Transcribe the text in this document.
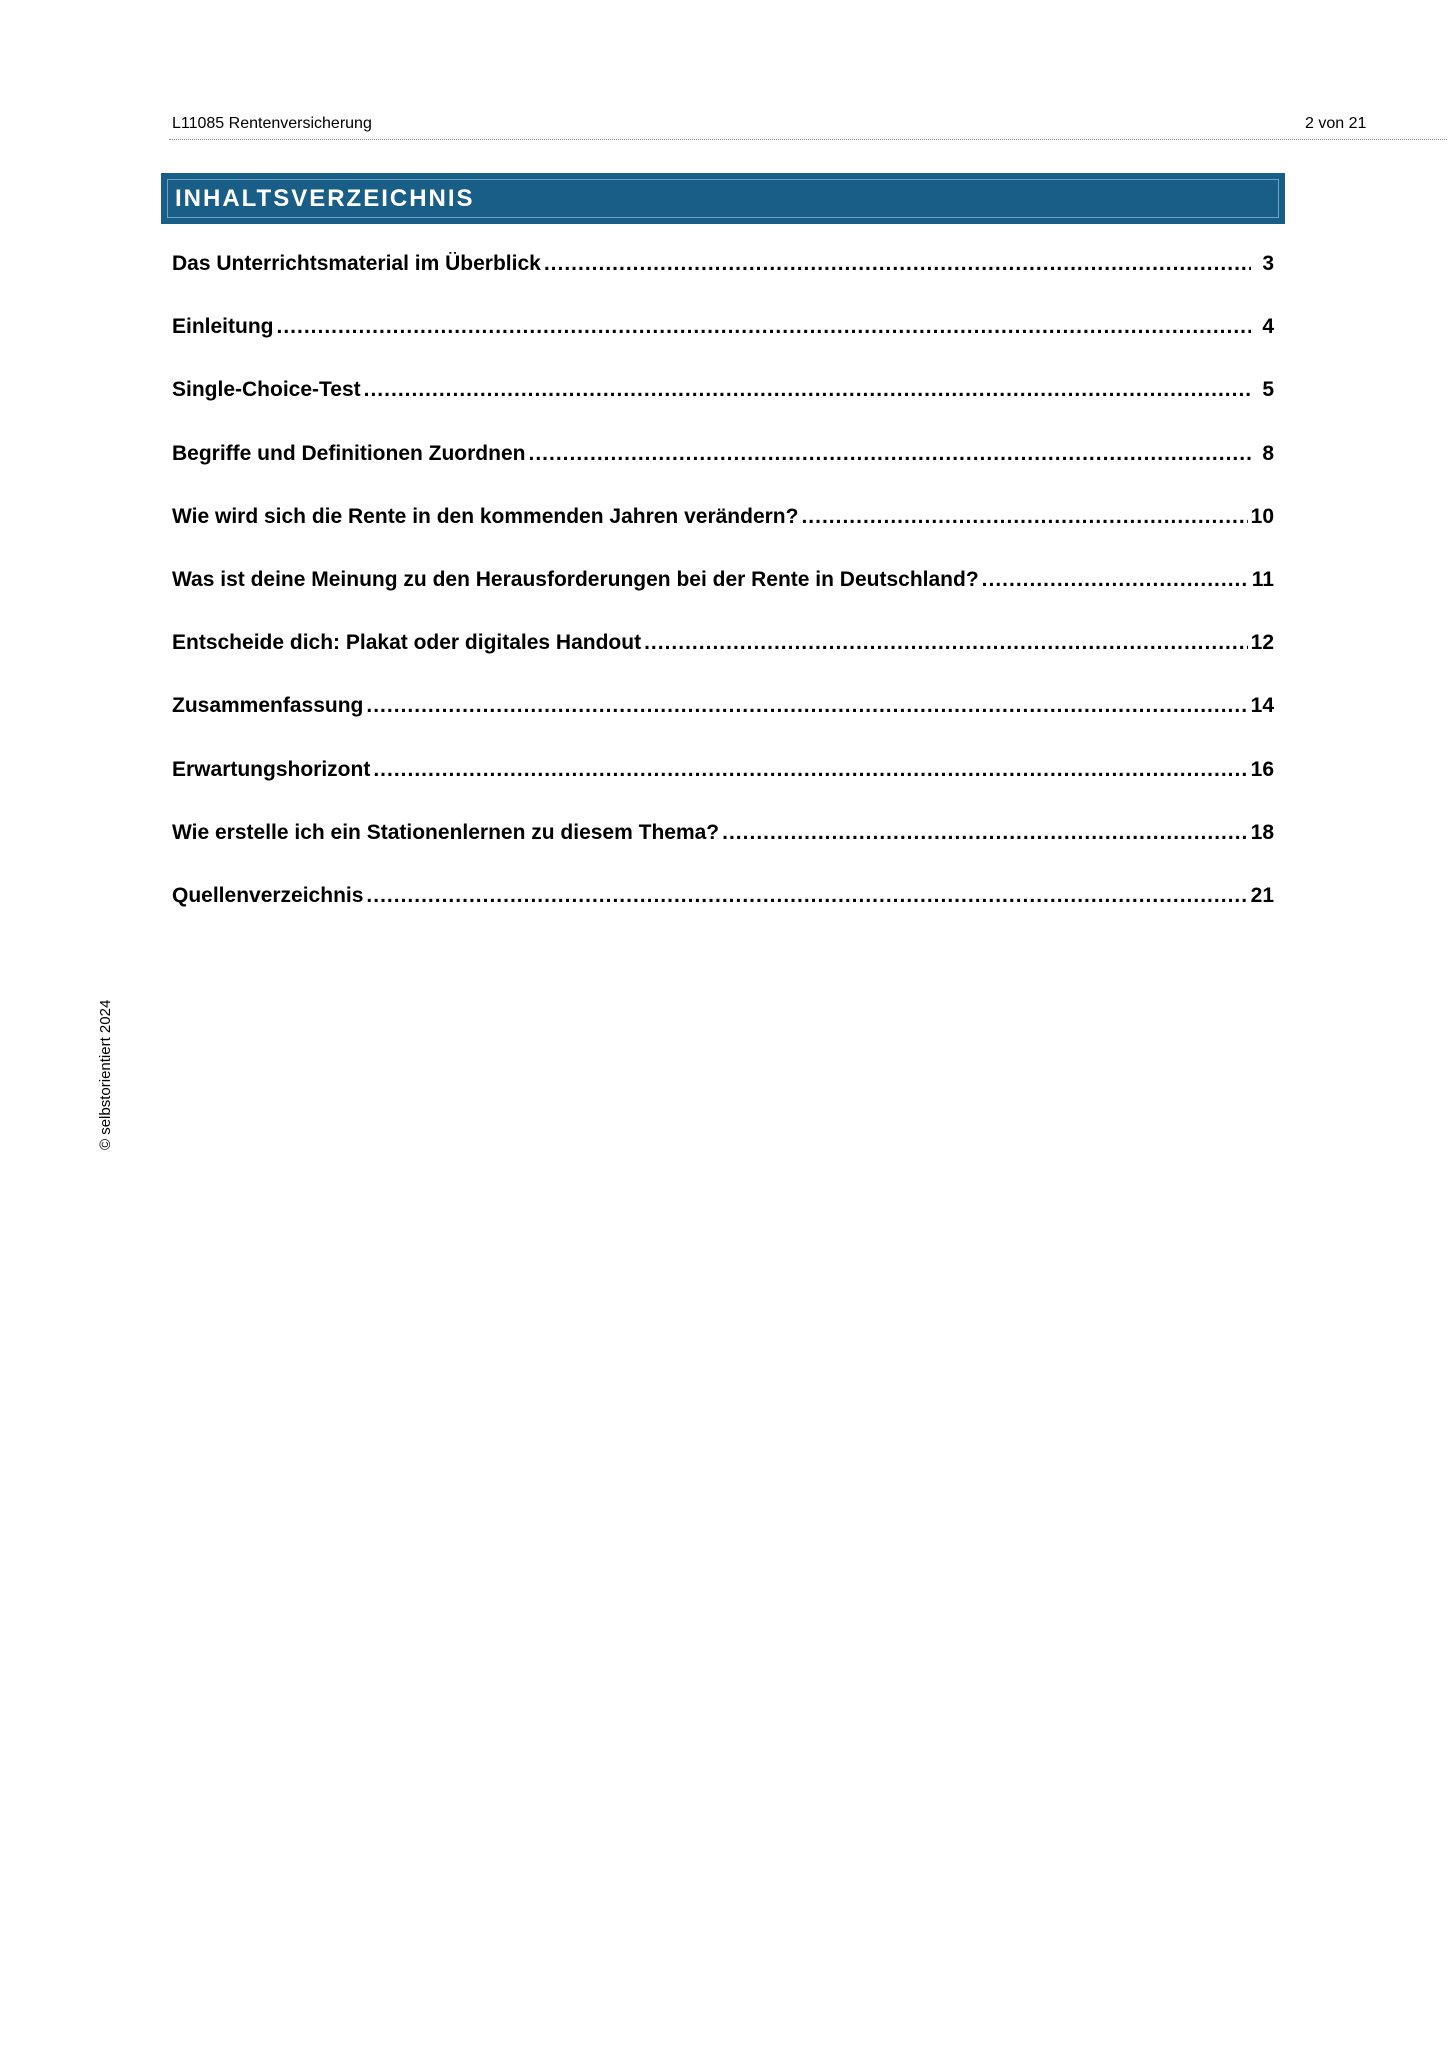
L11085 Rentenversicherung	2 von 21
INHALTSVERZEICHNIS
Das Unterrichtsmaterial im Überblick .....	3
Einleitung .....	4
Single-Choice-Test .....	5
Begriffe und Definitionen Zuordnen .....	8
Wie wird sich die Rente in den kommenden Jahren verändern? .....	10
Was ist deine Meinung zu den Herausforderungen bei der Rente in Deutschland? .....	11
Entscheide dich: Plakat oder digitales Handout .....	12
Zusammenfassung .....	14
Erwartungshorizont .....	16
Wie erstelle ich ein Stationenlernen zu diesem Thema? .....	18
Quellenverzeichnis .....	21
© selbstorientiert 2024
